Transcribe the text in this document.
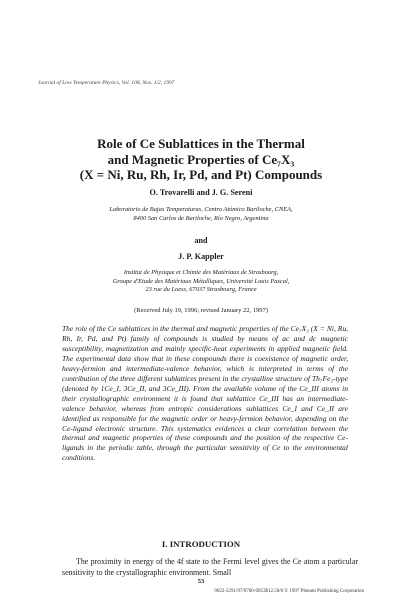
Journal of Low Temperature Physics, Vol. 108, Nos. 1/2, 1997
Role of Ce Sublattices in the Thermal
and Magnetic Properties of Ce₇X₃
(X = Ni, Ru, Rh, Ir, Pd, and Pt) Compounds
O. Trovarelli and J. G. Sereni
Laboratorio de Bajas Temperaturas, Centro Atómico Bariloche, CNEA,
8400 San Carlos de Bariloche, Río Negro, Argentina
and
J. P. Kappler
Institut de Physique et Chimie des Matériaux de Strasbourg,
Groupe d'Etude des Matériaux Métalliques, Université Louis Pascal,
23 rue du Loess, 67037 Strasbourg, France
(Received July 19, 1996; revised January 22, 1997)
The role of the Ce sublattices in the thermal and magnetic properties of the Ce₇X₃ (X = Ni, Ru, Rh, Ir, Pd, and Pt) family of compounds is studied by means of ac and dc magnetic susceptibility, magnetization and mainly specific-heat experiments in applied magnetic field. The experimental data show that in these compounds there is coexistence of magnetic order, heavy-fermion and intermediate-valence behavior, which is interpreted in terms of the contribution of the three different sublattices present in the crystalline structure of Th₇Fe₃-type (denoted by 1Ce_I, 3Ce_II, and 3Ce_III). From the available volume of the Ce_III atoms in their crystallographic environment it is found that sublattice Ce_III has an intermediate-valence behavior, whereas from entropic considerations sublattices Ce_I and Ce_II are identified as responsible for the magnetic order or heavy-fermion behavior, depending on the Ce-ligand electronic structure. This systematics evidences a clear correlation between the thermal and magnetic properties of these compounds and the position of the respective Ce-ligands in the periodic table, through the particular sensitivity of Ce to the environmental conditions.
I. INTRODUCTION
The proximity in energy of the 4f state to the Fermi level gives the Ce atom a particular sensitivity to the crystallographic environment. Small
53
0022-2291/97/0700-0053$12.50/0 © 1997 Plenum Publishing Corporation
